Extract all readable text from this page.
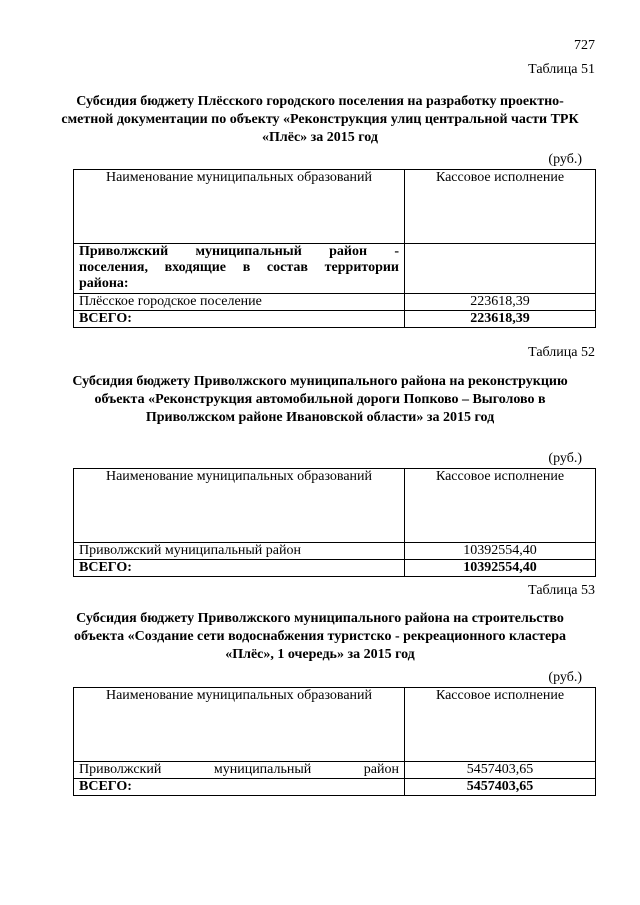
727
Таблица 51
Субсидия бюджету Плёсского городского поселения на разработку проектно-сметной документации по объекту «Реконструкция улиц центральной части ТРК «Плёс» за 2015 год
(руб.)
Наименование муниципальных образований	Кассовое исполнение
Приволжский муниципальный район - поселения, входящие в состав территории района:	
Плёсское городское поселение	223618,39
ВСЕГО:	223618,39
Таблица 52
Субсидия бюджету Приволжского муниципального района на реконструкцию объекта «Реконструкция автомобильной дороги Попково – Выголово в Приволжском районе Ивановской области» за 2015 год
(руб.)
Наименование муниципальных образований	Кассовое исполнение
Приволжский муниципальный район	10392554,40
ВСЕГО:	10392554,40
Таблица 53
Субсидия бюджету Приволжского муниципального района на строительство объекта «Создание сети водоснабжения туристско - рекреационного кластера «Плёс», 1 очередь» за 2015 год
(руб.)
Наименование муниципальных образований	Кассовое исполнение
Приволжский муниципальный район	5457403,65
ВСЕГО:	5457403,65
